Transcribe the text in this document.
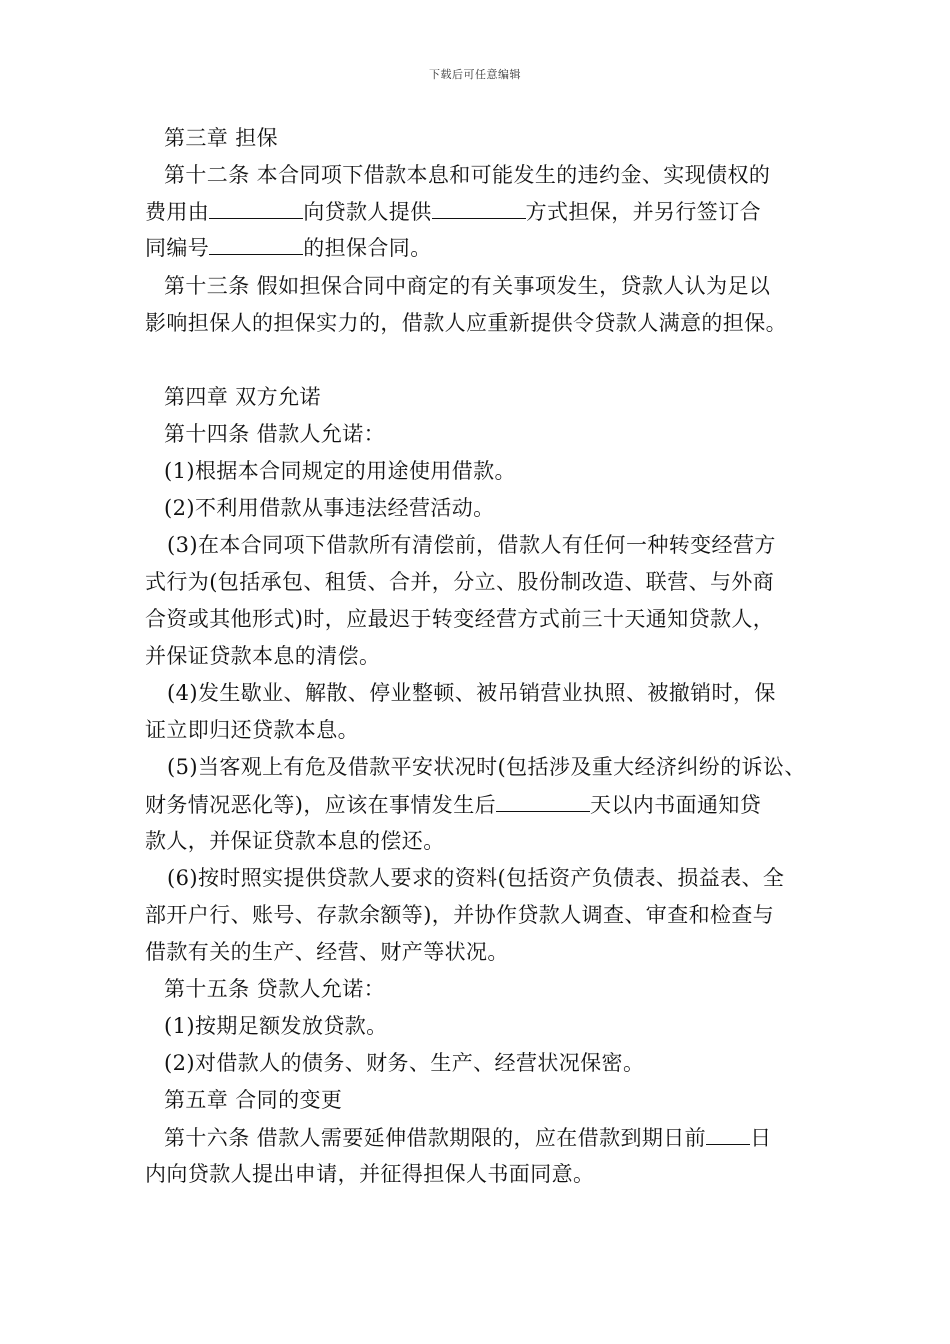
下载后可任意编辑
第三章 担保
第十二条 本合同项下借款本息和可能发生的违约金、实现债权的
费用由	向贷款人提供	方式担保，并另行签订合
同编号	的担保合同。
第十三条 假如担保合同中商定的有关事项发生，贷款人认为足以
影响担保人的担保实力的，借款人应重新提供令贷款人满意的担保。
第四章 双方允诺
第十四条 借款人允诺：
(1)根据本合同规定的用途使用借款。
(2)不利用借款从事违法经营活动。
(3)在本合同项下借款所有清偿前，借款人有任何一种转变经营方
式行为(包括承包、租赁、合并，分立、股份制改造、联营、与外商
合资或其他形式)时，应最迟于转变经营方式前三十天通知贷款人，
并保证贷款本息的清偿。
(4)发生歇业、解散、停业整顿、被吊销营业执照、被撤销时，保
证立即归还贷款本息。
(5)当客观上有危及借款平安状况时(包括涉及重大经济纠纷的诉讼、
财务情况恶化等)，应该在事情发生后	天以内书面通知贷
款人，并保证贷款本息的偿还。
(6)按时照实提供贷款人要求的资料(包括资产负债表、损益表、全
部开户行、账号、存款余额等)，并协作贷款人调查、审查和检查与
借款有关的生产、经营、财产等状况。
第十五条 贷款人允诺：
(1)按期足额发放贷款。
(2)对借款人的债务、财务、生产、经营状况保密。
第五章 合同的变更
第十六条 借款人需要延伸借款期限的，应在借款到期日前 日
内向贷款人提出申请，并征得担保人书面同意。
